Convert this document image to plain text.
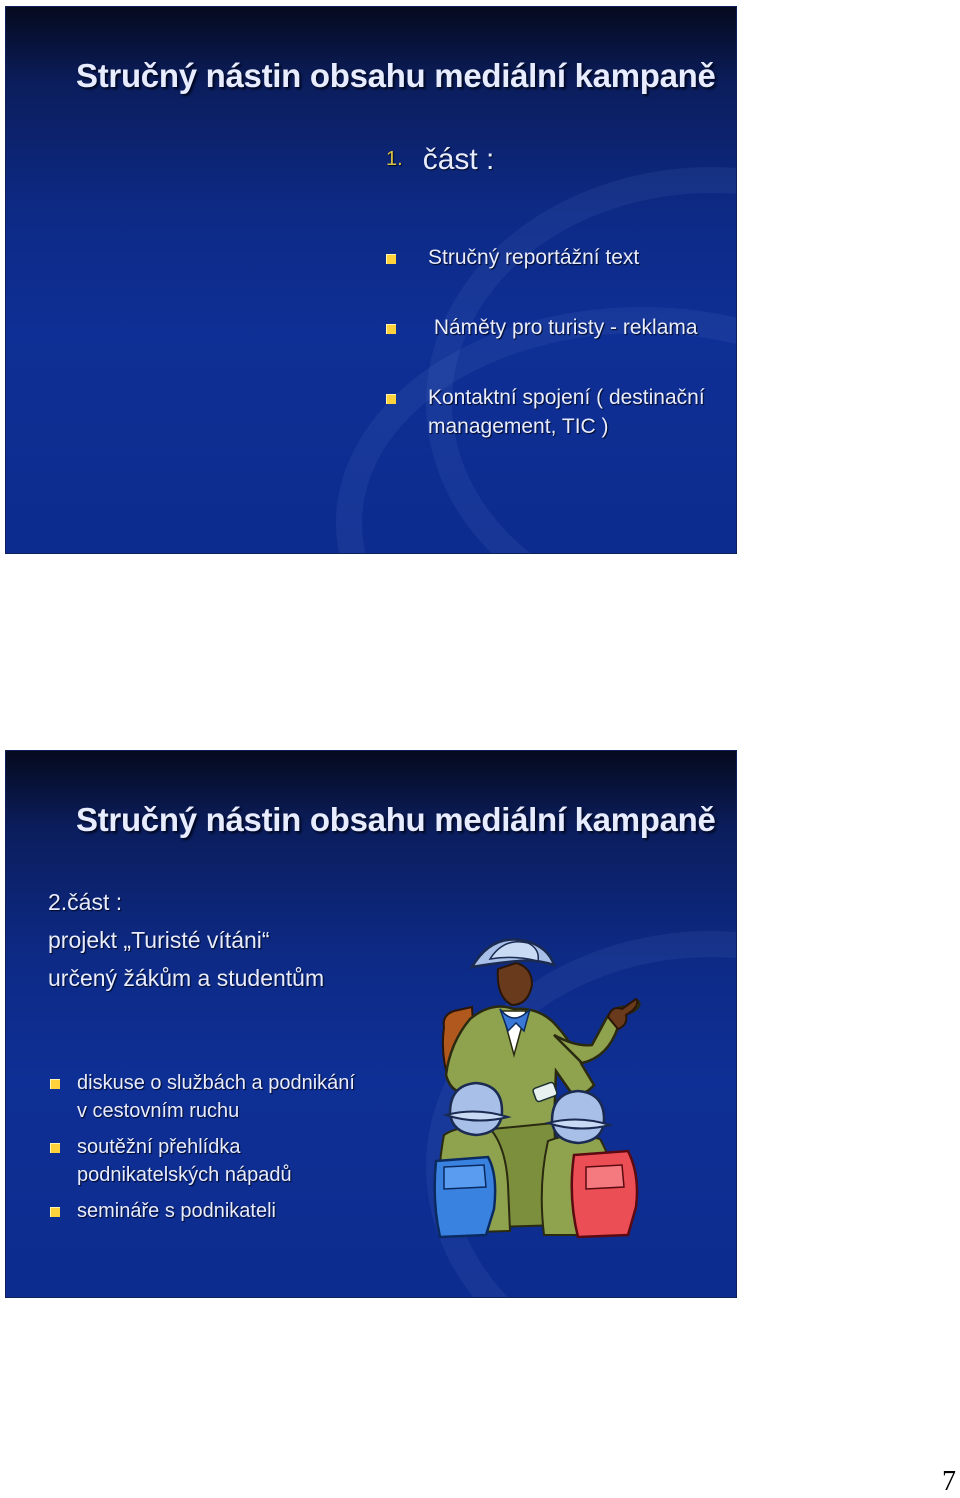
Stručný nástin obsahu mediální kampaně
1. část :
Stručný reportážní text
Náměty pro turisty - reklama
Kontaktní spojení ( destinační
management, TIC )
Stručný nástin obsahu mediální kampaně
2.část :
projekt „Turisté vítáni“
určený žákům a studentům
diskuse o službách a podnikání
v cestovním ruchu
soutěžní přehlídka
podnikatelských nápadů
semináře s podnikateli
7
